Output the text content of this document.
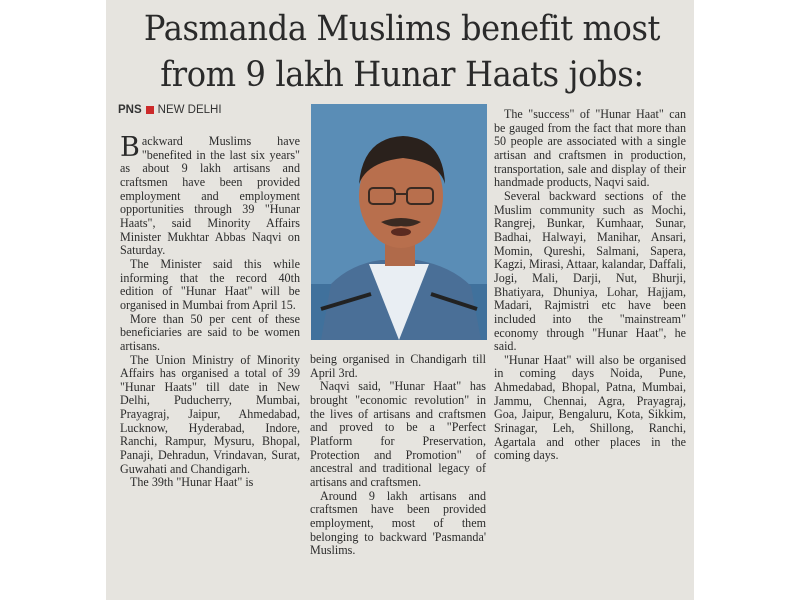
Pasmanda Muslims benefit most
from 9 lakh Hunar Haats jobs:
PNS NEW DELHI

Backward Muslims have "benefited in the last six years" as about 9 lakh artisans and craftsmen have been provided employment and employment opportunities through 39 "Hunar Haats", said Minority Affairs Minister Mukhtar Abbas Naqvi on Saturday.

The Minister said this while informing that the record 40th edition of "Hunar Haat" will be organised in Mumbai from April 15.

More than 50 per cent of these beneficiaries are said to be women artisans.

The Union Ministry of Minority Affairs has organised a total of 39 "Hunar Haats" till date in New Delhi, Puducherry, Mumbai, Prayagraj, Jaipur, Ahmedabad, Lucknow, Hyderabad, Indore, Ranchi, Rampur, Mysuru, Bhopal, Panaji, Dehradun, Vrindavan, Surat, Guwahati and Chandigarh.

The 39th "Hunar Haat" is

being organised in Chandigarh till April 3rd.

Naqvi said, "Hunar Haat" has brought "economic revolution" in the lives of artisans and craftsmen and proved to be a "Perfect Platform for Preservation, Protection and Promotion" of ancestral and traditional legacy of artisans and craftsmen.

Around 9 lakh artisans and craftsmen have been provided employment, most of them belonging to backward 'Pasmanda' Muslims.

The "success" of "Hunar Haat" can be gauged from the fact that more than 50 people are associated with a single artisan and craftsmen in production, transportation, sale and display of their handmade products, Naqvi said.

Several backward sections of the Muslim community such as Mochi, Rangrej, Bunkar, Kumhaar, Sunar, Badhai, Halwayi, Manihar, Ansari, Momin, Qureshi, Salmani, Sapera, Kagzi, Mirasi, Attaar, kalandar, Daffali, Jogi, Mali, Darji, Nut, Bhurji, Bhatiyara, Dhuniya, Lohar, Hajjam, Madari, Rajmistri etc have been included into the "mainstream" economy through "Hunar Haat", he said.

"Hunar Haat" will also be organised in coming days Noida, Pune, Ahmedabad, Bhopal, Patna, Mumbai, Jammu, Chennai, Agra, Prayagraj, Goa, Jaipur, Bengaluru, Kota, Sikkim, Srinagar, Leh, Shillong, Ranchi, Agartala and other places in the coming days.
